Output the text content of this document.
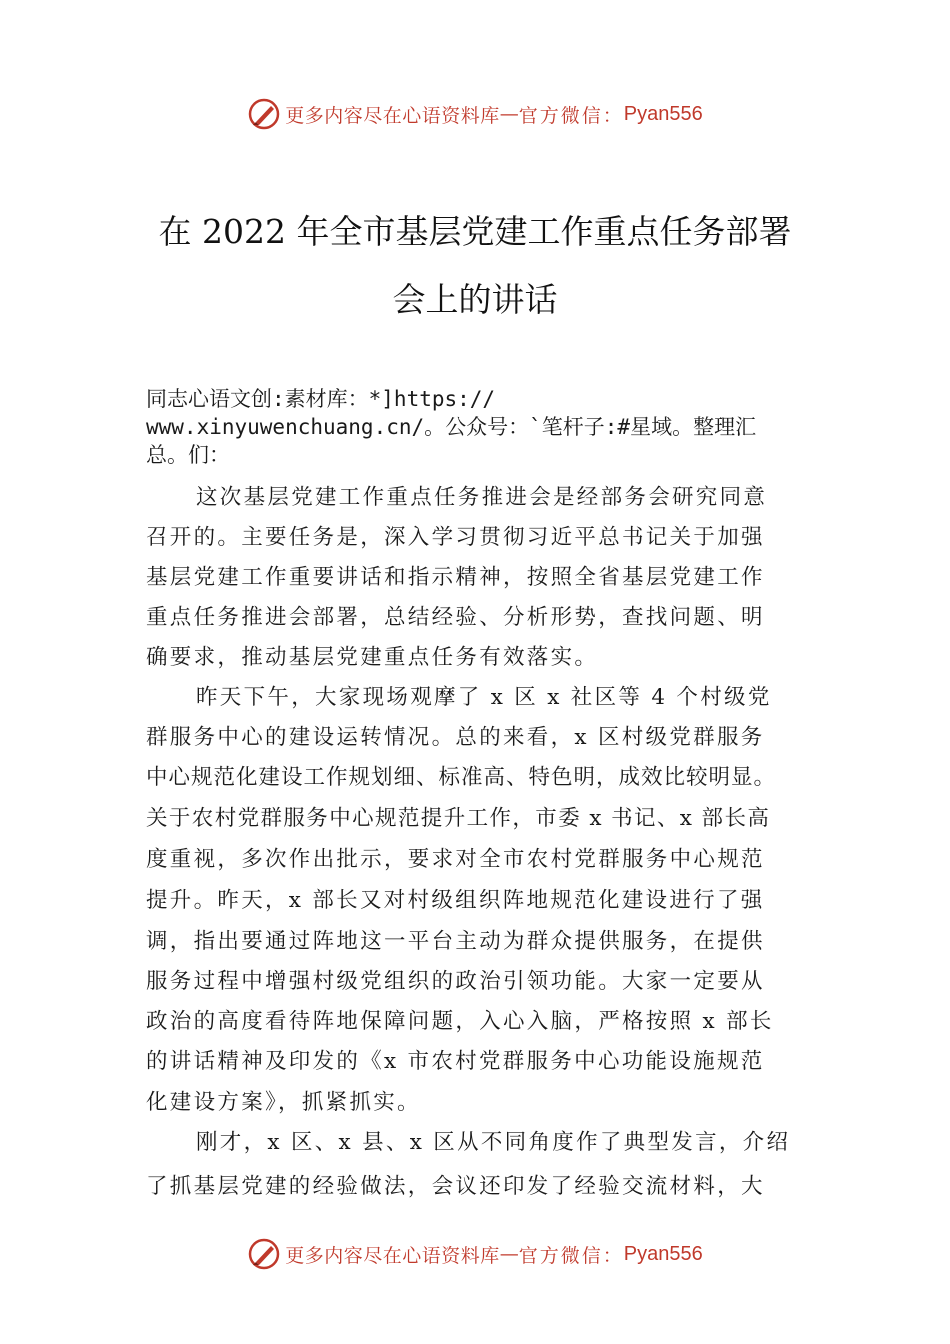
更多内容尽在心语资料库 — 官方微信： Pyan556
在 2022 年全市基层党建工作重点任务部署
会上的讲话
同志心语文创:素材库：*]https://
www.xinyuwenchuang.cn/。公众号：`笔杆子:#星域。整理汇
总。们：
这次基层党建工作重点任务推进会是经部务会研究同意
召开的。主要任务是，深入学习贯彻习近平总书记关于加强
基层党建工作重要讲话和指示精神，按照全省基层党建工作
重点任务推进会部署，总结经验、分析形势，查找问题、明
确要求，推动基层党建重点任务有效落实。
昨天下午，大家现场观摩了 x 区 x 社区等 4 个村级党
群服务中心的建设运转情况。总的来看，x 区村级党群服务
中心规范化建设工作规划细、标准高、特色明，成效比较明显。
关于农村党群服务中心规范提升工作，市委 x 书记、x 部长高
度重视，多次作出批示，要求对全市农村党群服务中心规范
提升。昨天，x 部长又对村级组织阵地规范化建设进行了强
调，指出要通过阵地这一平台主动为群众提供服务，在提供
服务过程中增强村级党组织的政治引领功能。大家一定要从
政治的高度看待阵地保障问题，入心入脑，严格按照 x 部长
的讲话精神及印发的《x 市农村党群服务中心功能设施规范
化建设方案》，抓紧抓实。
刚才，x 区、x 县、x 区从不同角度作了典型发言，介绍
了抓基层党建的经验做法，会议还印发了经验交流材料，大
更多内容尽在心语资料库 — 官方微信： Pyan556
